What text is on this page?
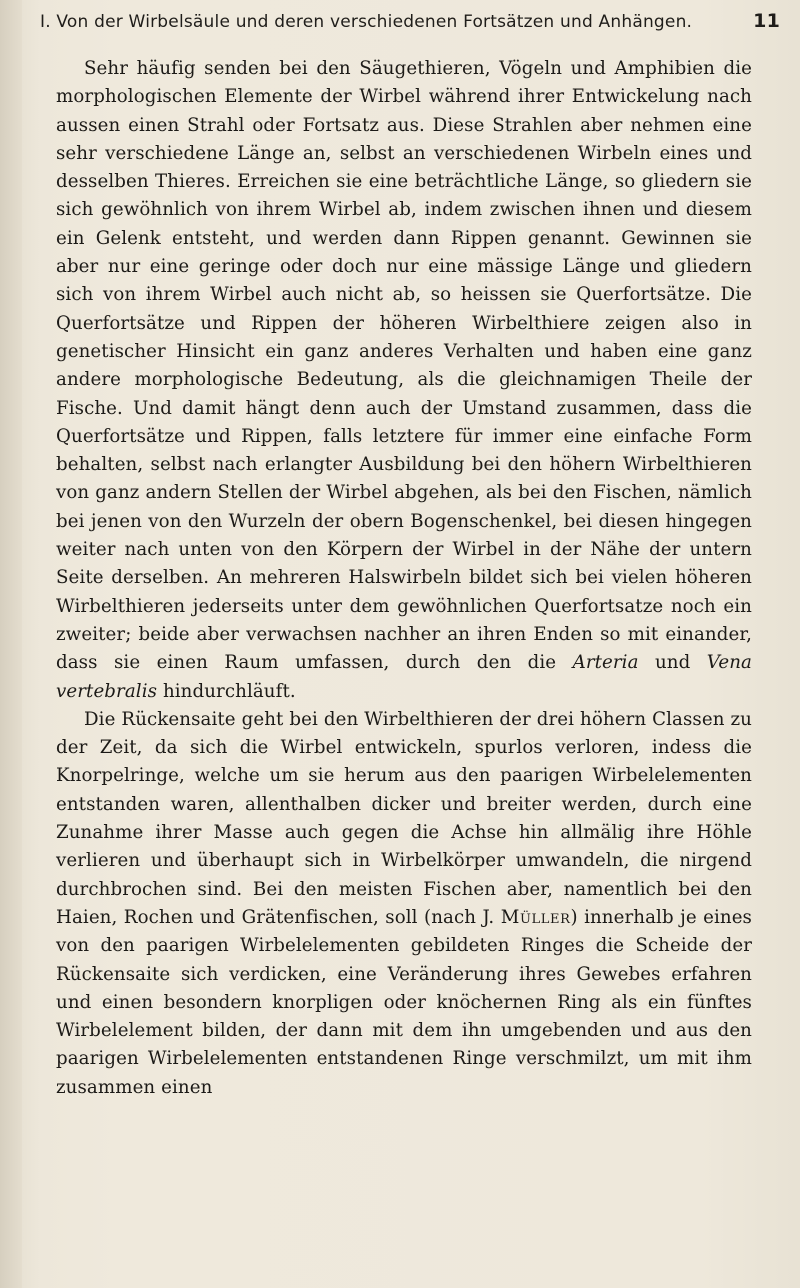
I. Von der Wirbelsäule und deren verschiedenen Fortsätzen und Anhängen.	11

Sehr häufig senden bei den Säugethieren, Vögeln und Amphibien die morphologischen Elemente der Wirbel während ihrer Entwickelung nach aussen einen Strahl oder Fortsatz aus. Diese Strahlen aber nehmen eine sehr verschiedene Länge an, selbst an verschiedenen Wirbeln eines und desselben Thieres. Erreichen sie eine beträchtliche Länge, so gliedern sie sich gewöhnlich von ihrem Wirbel ab, indem zwischen ihnen und diesem ein Gelenk entsteht, und werden dann Rippen genannt. Gewinnen sie aber nur eine geringe oder doch nur eine mässige Länge und gliedern sich von ihrem Wirbel auch nicht ab, so heissen sie Querfortsätze. Die Querfortsätze und Rippen der höheren Wirbelthiere zeigen also in genetischer Hinsicht ein ganz anderes Verhalten und haben eine ganz andere morphologische Bedeutung, als die gleichnamigen Theile der Fische. Und damit hängt denn auch der Umstand zusammen, dass die Querfortsätze und Rippen, falls letztere für immer eine einfache Form behalten, selbst nach erlangter Ausbildung bei den höhern Wirbelthieren von ganz andern Stellen der Wirbel abgehen, als bei den Fischen, nämlich bei jenen von den Wurzeln der obern Bogenschenkel, bei diesen hingegen weiter nach unten von den Körpern der Wirbel in der Nähe der untern Seite derselben. An mehreren Halswirbeln bildet sich bei vielen höheren Wirbelthieren jederseits unter dem gewöhnlichen Querfortsatze noch ein zweiter; beide aber verwachsen nachher an ihren Enden so mit einander, dass sie einen Raum umfassen, durch den die Arteria und Vena vertebralis hindurchläuft.

Die Rückensaite geht bei den Wirbelthieren der drei höhern Classen zu der Zeit, da sich die Wirbel entwickeln, spurlos verloren, indess die Knorpelringe, welche um sie herum aus den paarigen Wirbelelementen entstanden waren, allenthalben dicker und breiter werden, durch eine Zunahme ihrer Masse auch gegen die Achse hin allmälig ihre Höhle verlieren und überhaupt sich in Wirbelkörper umwandeln, die nirgend durchbrochen sind. Bei den meisten Fischen aber, namentlich bei den Haien, Rochen und Grätenfischen, soll (nach J. Müller) innerhalb je eines von den paarigen Wirbelelementen gebildeten Ringes die Scheide der Rückensaite sich verdicken, eine Veränderung ihres Gewebes erfahren und einen besondern knorpligen oder knöchernen Ring als ein fünftes Wirbelelement bilden, der dann mit dem ihn umgebenden und aus den paarigen Wirbelelementen entstandenen Ringe verschmilzt, um mit ihm zusammen einen
